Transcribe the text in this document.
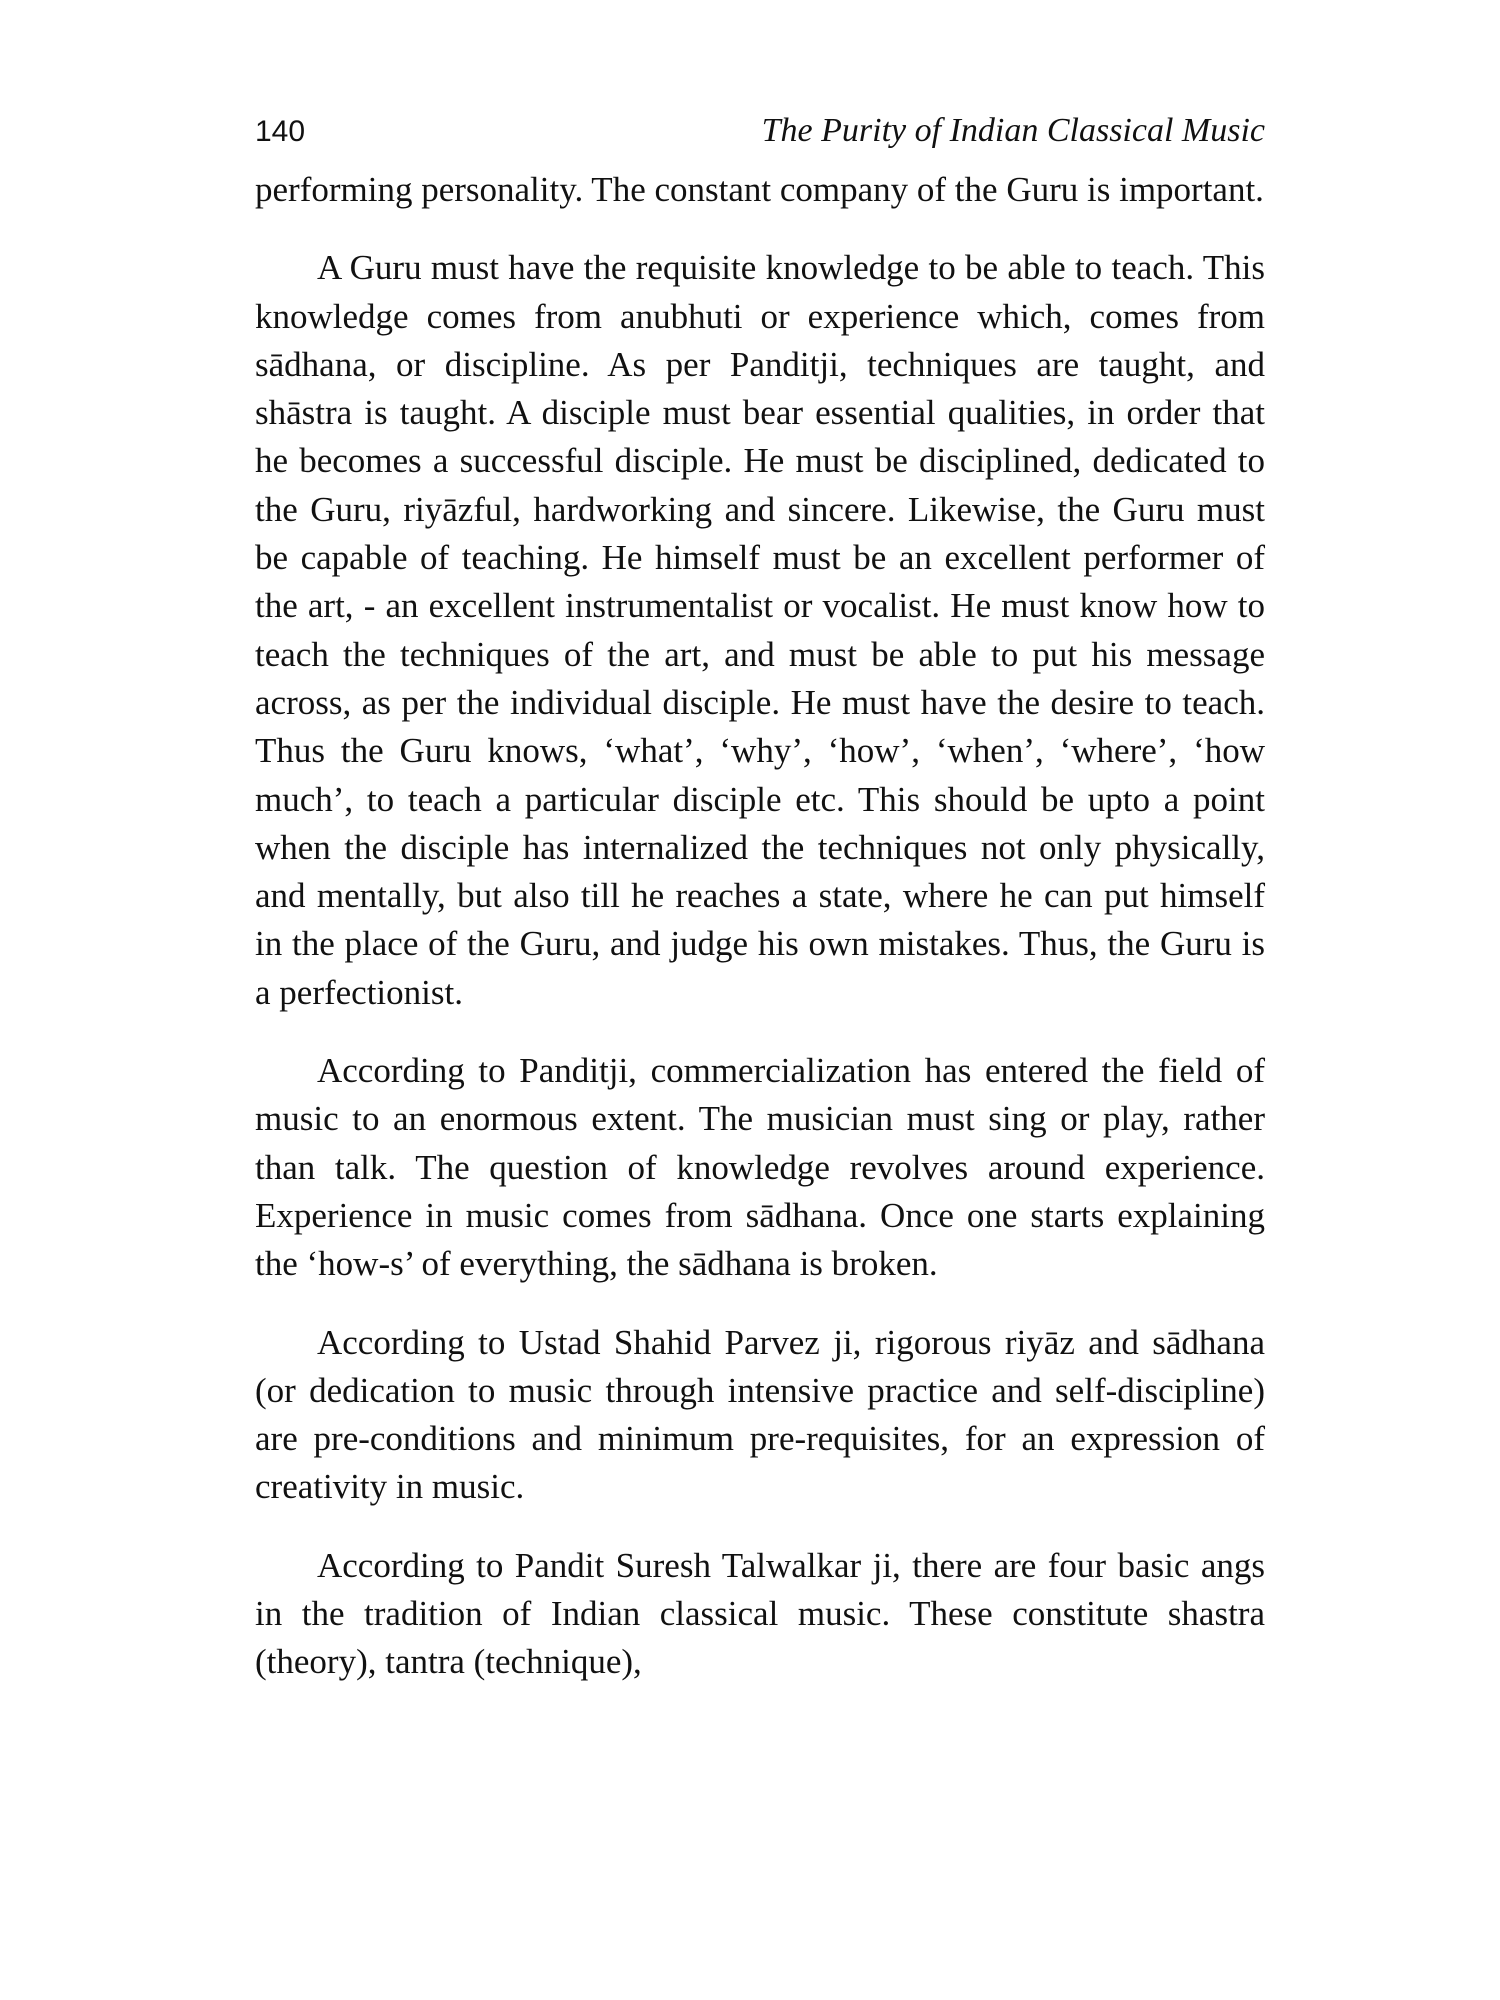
140	The Purity of Indian Classical Music

performing personality. The constant company of the Guru is important.

A Guru must have the requisite knowledge to be able to teach. This knowledge comes from anubhuti or experience which, comes from sādhana, or discipline. As per Panditji, techniques are taught, and shāstra is taught. A disciple must bear essential qualities, in order that he becomes a successful disciple. He must be disciplined, dedicated to the Guru, riyāzful, hardworking and sincere. Likewise, the Guru must be capable of teaching. He himself must be an excellent performer of the art, - an excellent instrumentalist or vocalist. He must know how to teach the techniques of the art, and must be able to put his message across, as per the individual disciple. He must have the desire to teach. Thus the Guru knows, ‘what’, ‘why’, ‘how’, ‘when’, ‘where’, ‘how much’, to teach a particular disciple etc. This should be upto a point when the disciple has internalized the techniques not only physically, and mentally, but also till he reaches a state, where he can put himself in the place of the Guru, and judge his own mistakes. Thus, the Guru is a perfectionist.

According to Panditji, commercialization has entered the field of music to an enormous extent. The musician must sing or play, rather than talk. The question of knowledge revolves around experience. Experience in music comes from sādhana. Once one starts explaining the ‘how-s’ of everything, the sādhana is broken.

According to Ustad Shahid Parvez ji, rigorous riyāz and sādhana (or dedication to music through intensive practice and self-discipline) are pre-conditions and minimum pre-requisites, for an expression of creativity in music.

According to Pandit Suresh Talwalkar ji, there are four basic angs in the tradition of Indian classical music. These constitute shastra (theory), tantra (technique),
